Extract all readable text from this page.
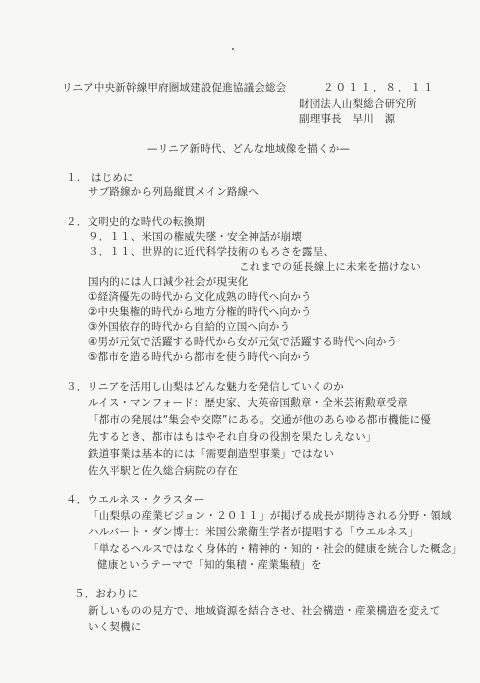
リニア中央新幹線甲府圏域建設促進協議会総会	２０１１．８．１１
財団法人山梨総合研究所
副理事長　早川　源
—リニア新時代、どんな地域像を描くか—
１.　はじめに
サブ路線から列島縦貫メイン路線へ
２．文明史的な時代の転換期
９．１１、米国の権威失墜・安全神話が崩壊
３．１１、世界的に近代科学技術のもろさを露呈、
これまでの延長線上に未来を描けない
国内的には人口減少社会が現実化
①経済優先の時代から文化成熟の時代へ向かう
②中央集権的時代から地方分権的時代へ向かう
③外国依存的時代から自給的立国へ向かう
④男が元気で活躍する時代から女が元気で活躍する時代へ向かう
⑤都市を造る時代から都市を使う時代へ向かう
３．リニアを活用し山梨はどんな魅力を発信していくのか
ルイス・マンフォード：歴史家、大英帝国勲章・全米芸術勲章受章
「都市の発展は“集会や交際”にある。交通が他のあらゆる都市機能に優
先するとき、都市はもはやそれ自身の役割を果たしえない」
鉄道事業は基本的には「需要創造型事業」ではない
佐久平駅と佐久総合病院の存在
４．ウエルネス・クラスター
「山梨県の産業ビジョン・２０１１」が掲げる成長が期待される分野・領域
ハルバート・ダン博士：米国公衆衛生学者が提唱する「ウエルネス」
「単なるヘルスではなく身体的・精神的・知的・社会的健康を統合した概念」
健康というテーマで「知的集積・産業集積」を
５．おわりに
新しいものの見方で、地域資源を結合させ、社会構造・産業構造を変えて
いく契機に
